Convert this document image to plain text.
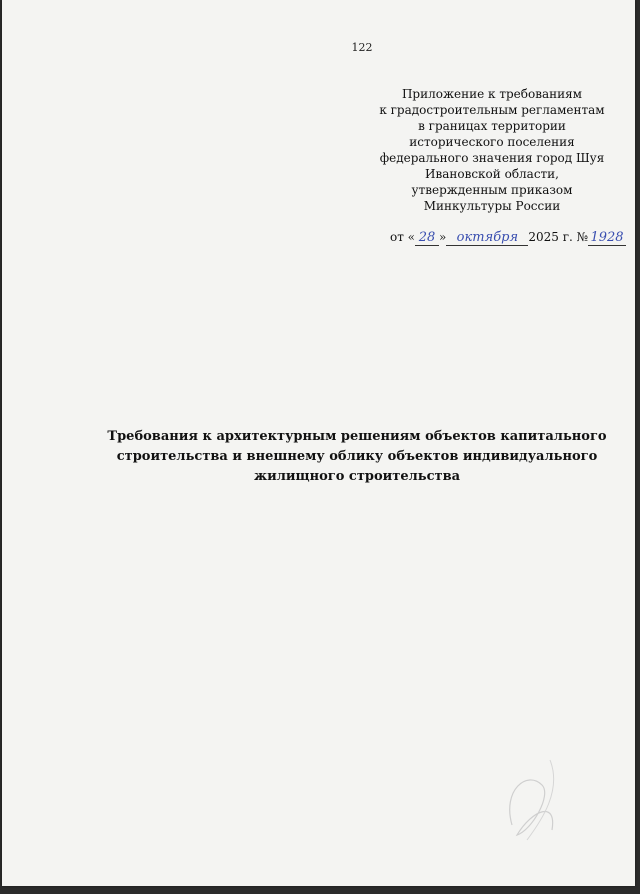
122
Приложение к требованиям
к градостроительным регламентам
в границах территории
исторического поселения
федерального значения город Шуя
Ивановской области,
утвержденным приказом
Минкультуры России
от « 28 » октября 2025 г. № 1928
Требования к архитектурным решениям объектов капитального
строительства и внешнему облику объектов индивидуального
жилищного строительства
